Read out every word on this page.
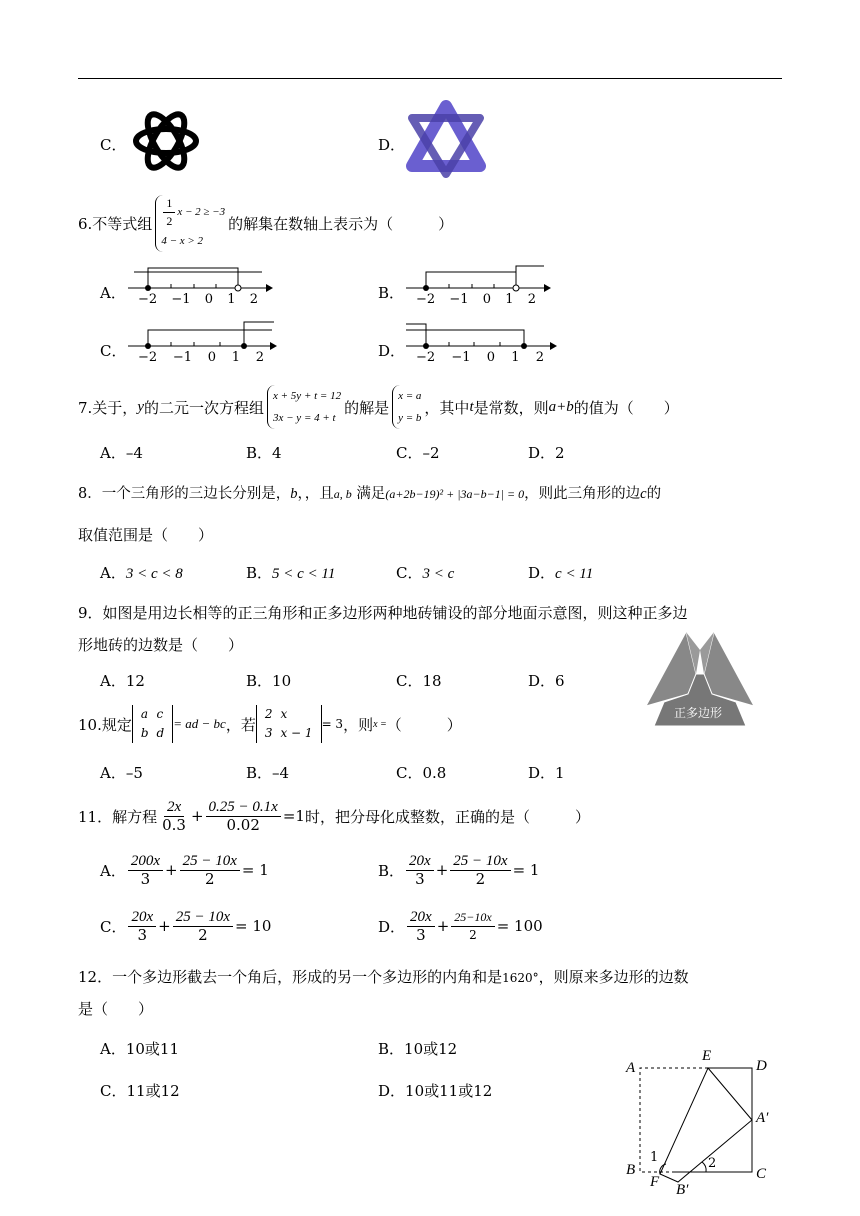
C．	D．
6.不等式组 $\frac{1}{2}$ x − 2 ≥ −3
4 − x > 2
的解集在数轴上表示为（　　　）
A．	B．
C．	D．
−2 −1 0 1 2	−2 −1 0 1 2
−2 −1 0 1 2	−2 −1 0 1 2
7.关于， y 的二元一次方程组
x + 5y + t = 12
3x − y = 4 + t
的解是
x = a
y = b
，其中 t 是常数，则 a+b 的值为（　　）
A．–4	B．4	C．–2	D．2
8．一个三角形的三边长分别是，b，，且a, b 满足(a+2b−19)² + |3a−b−1| = 0，则此三角形的边c的
取值范围是（　　）
A．3 < c < 8	B．5 < c < 11	C．3 < c	D．c < 11
9．如图是用边长相等的正三角形和正多边形两种地砖铺设的部分地面示意图，则这种正多边
形地砖的边数是（　　）
A．12	B．10	C．18	D．6
正多边形
10.规定
a	c
b	d
= ad − bc ，若
2	x
3	x − 1
= 3 ，则 x = （　　　）
A．–5	B．–4	C．0.8	D．1
11．解方程 $\frac{2x}{0.3} + \frac{0.25 - 0.1x}{0.02} =1$ 时，把分母化成整数，正确的是（　　　）
A． $\frac{200x}{3} + \frac{25 - 10x}{2} = 1$	B． $\frac{20x}{3} + \frac{25 - 10x}{2} = 1$
C． $\frac{20x}{3} + \frac{25 - 10x}{2} = 10$	D． $\frac{20x}{3} + \frac{25-10x}{2} = 100$
12．一个多边形截去一个角后，形成的另一个多边形的内角和是1620°，则原来多边形的边数
是（　　）
A．10或11	B．10或12
C．11或12	D．10或11或12
A
E
D
A′
B
F B′
C
1	2
